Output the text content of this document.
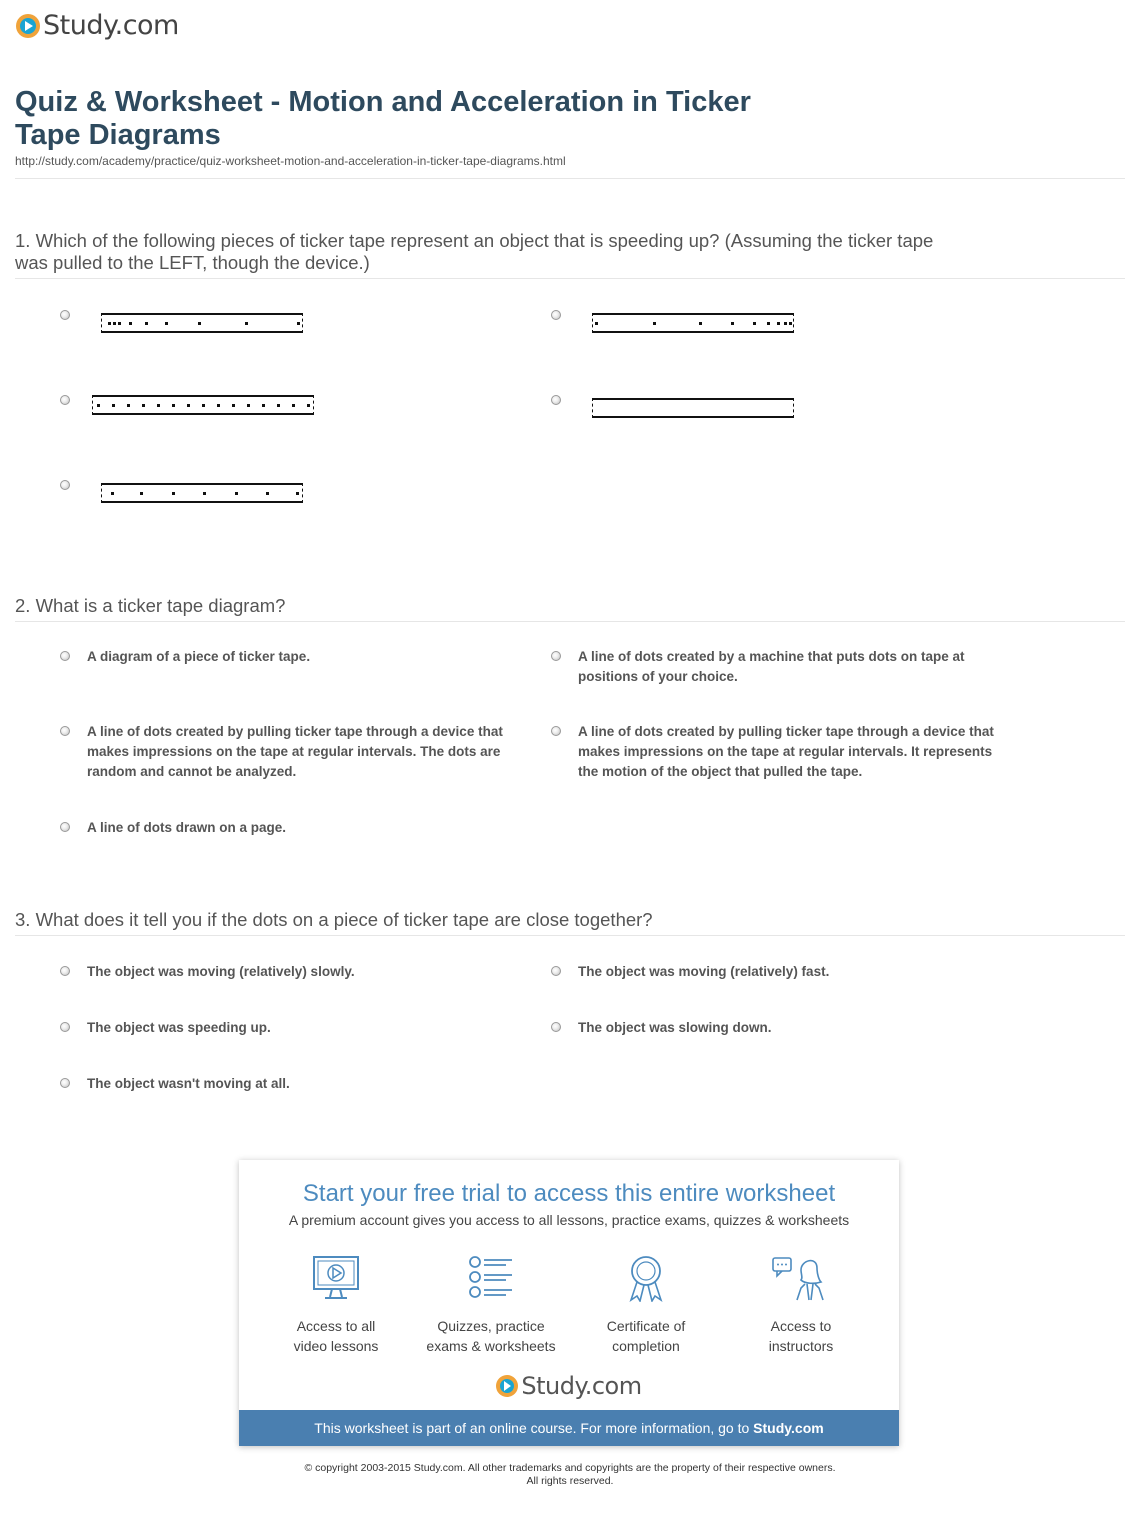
Study.com
Quiz & Worksheet - Motion and Acceleration in Ticker Tape Diagrams
http://study.com/academy/practice/quiz-worksheet-motion-and-acceleration-in-ticker-tape-diagrams.html
1. Which of the following pieces of ticker tape represent an object that is speeding up? (Assuming the ticker tape was pulled to the LEFT, though the device.)
2. What is a ticker tape diagram?
A diagram of a piece of ticker tape.	A line of dots created by a machine that puts dots on tape at positions of your choice.
A line of dots created by pulling ticker tape through a device that makes impressions on the tape at regular intervals. The dots are random and cannot be analyzed.
A line of dots created by pulling ticker tape through a device that makes impressions on the tape at regular intervals. It represents the motion of the object that pulled the tape.
A line of dots drawn on a page.
3. What does it tell you if the dots on a piece of ticker tape are close together?
The object was moving (relatively) slowly.	The object was moving (relatively) fast.
The object was speeding up.	The object was slowing down.
The object wasn't moving at all.
Start your free trial to access this entire worksheet
A premium account gives you access to all lessons, practice exams, quizzes & worksheets
Access to all
video lessons
Quizzes, practice
exams & worksheets
Certificate of
completion
Access to
instructors
Study.com
This worksheet is part of an online course. For more information, go to Study.com
© copyright 2003-2015 Study.com. All other trademarks and copyrights are the property of their respective owners.
All rights reserved.
